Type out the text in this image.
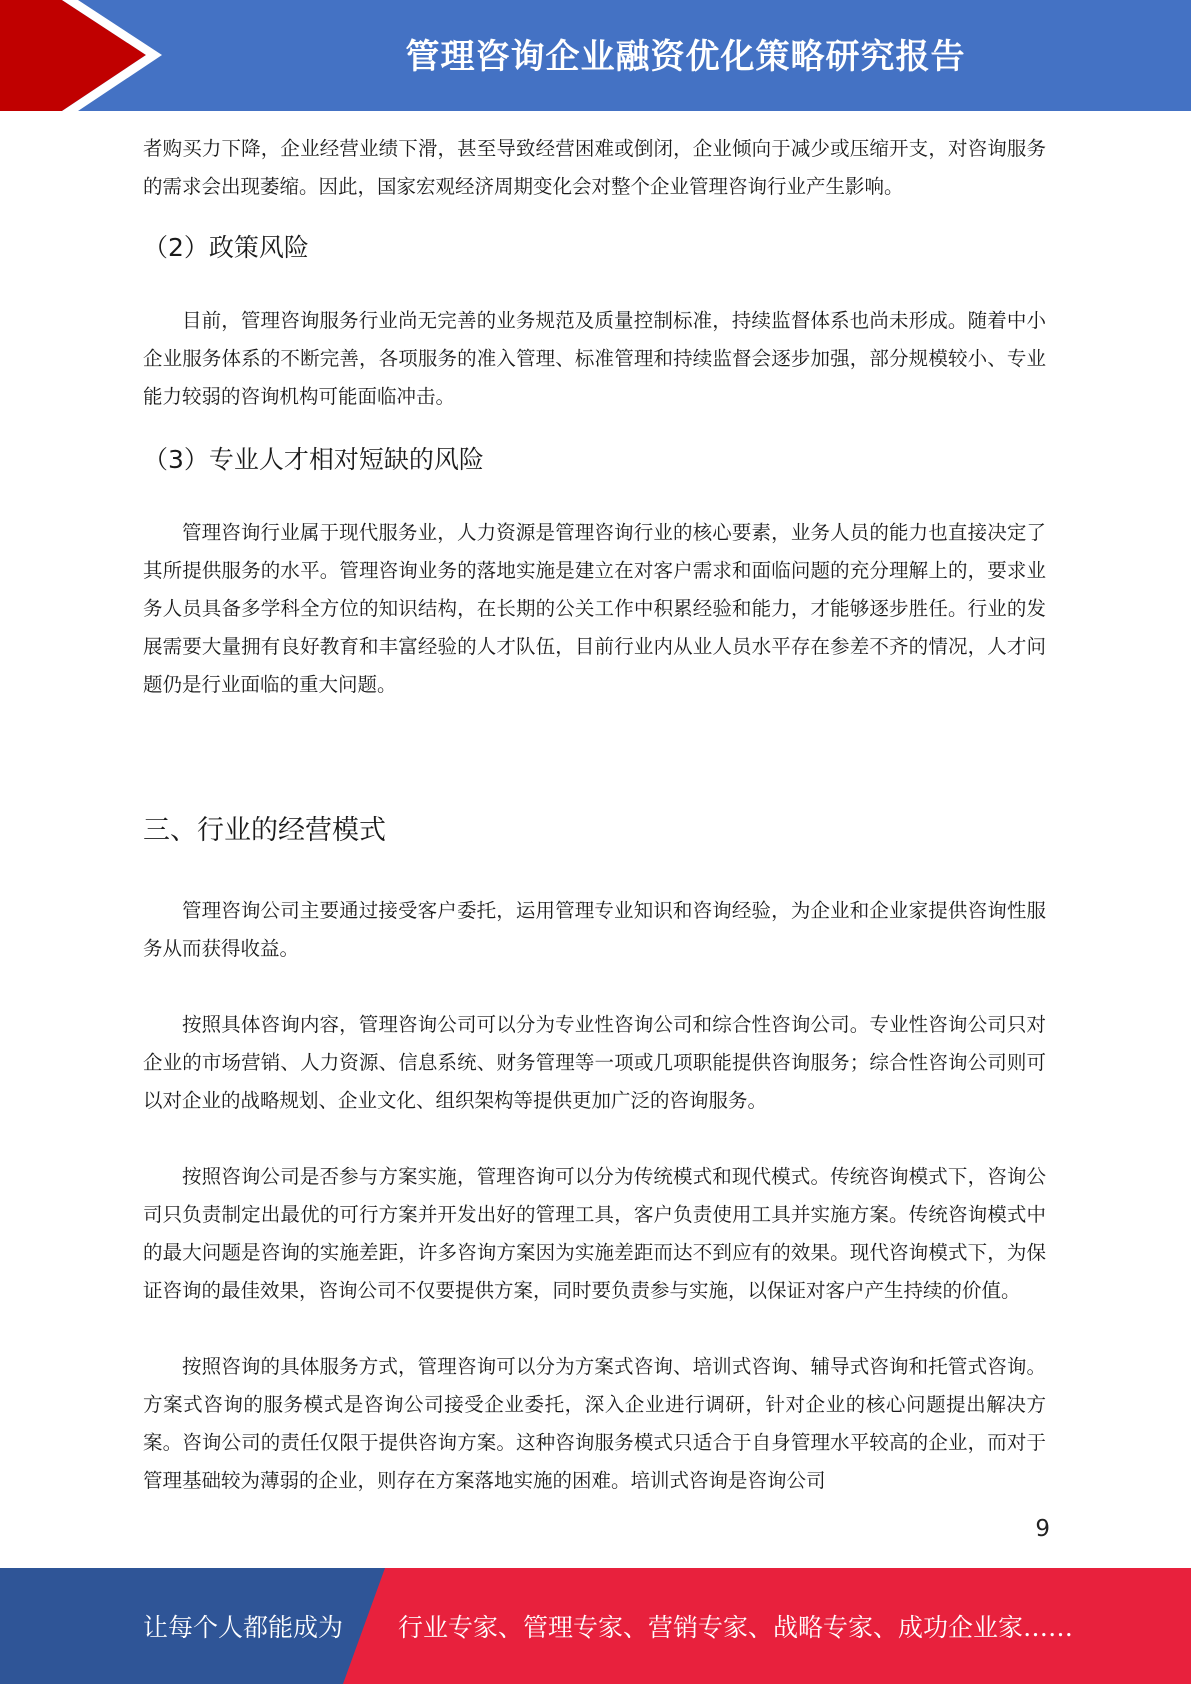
管理咨询企业融资优化策略研究报告

者购买力下降，企业经营业绩下滑，甚至导致经营困难或倒闭，企业倾向于减少或压缩开支，对咨询服务的需求会出现萎缩。因此，国家宏观经济周期变化会对整个企业管理咨询行业产生影响。

（2）政策风险

目前，管理咨询服务行业尚无完善的业务规范及质量控制标准，持续监督体系也尚未形成。随着中小企业服务体系的不断完善，各项服务的准入管理、标准管理和持续监督会逐步加强，部分规模较小、专业能力较弱的咨询机构可能面临冲击。

（3）专业人才相对短缺的风险

管理咨询行业属于现代服务业，人力资源是管理咨询行业的核心要素，业务人员的能力也直接决定了其所提供服务的水平。管理咨询业务的落地实施是建立在对客户需求和面临问题的充分理解上的，要求业务人员具备多学科全方位的知识结构，在长期的公关工作中积累经验和能力，才能够逐步胜任。行业的发展需要大量拥有良好教育和丰富经验的人才队伍，目前行业内从业人员水平存在参差不齐的情况，人才问题仍是行业面临的重大问题。

三、行业的经营模式

管理咨询公司主要通过接受客户委托，运用管理专业知识和咨询经验，为企业和企业家提供咨询性服务从而获得收益。

按照具体咨询内容，管理咨询公司可以分为专业性咨询公司和综合性咨询公司。专业性咨询公司只对企业的市场营销、人力资源、信息系统、财务管理等一项或几项职能提供咨询服务；综合性咨询公司则可以对企业的战略规划、企业文化、组织架构等提供更加广泛的咨询服务。

按照咨询公司是否参与方案实施，管理咨询可以分为传统模式和现代模式。传统咨询模式下，咨询公司只负责制定出最优的可行方案并开发出好的管理工具，客户负责使用工具并实施方案。传统咨询模式中的最大问题是咨询的实施差距，许多咨询方案因为实施差距而达不到应有的效果。现代咨询模式下，为保证咨询的最佳效果，咨询公司不仅要提供方案，同时要负责参与实施，以保证对客户产生持续的价值。

按照咨询的具体服务方式，管理咨询可以分为方案式咨询、培训式咨询、辅导式咨询和托管式咨询。方案式咨询的服务模式是咨询公司接受企业委托，深入企业进行调研，针对企业的核心问题提出解决方案。咨询公司的责任仅限于提供咨询方案。这种咨询服务模式只适合于自身管理水平较高的企业，而对于管理基础较为薄弱的企业，则存在方案落地实施的困难。培训式咨询是咨询公司

9
让每个人都能成为 行业专家、管理专家、营销专家、战略专家、成功企业家……
